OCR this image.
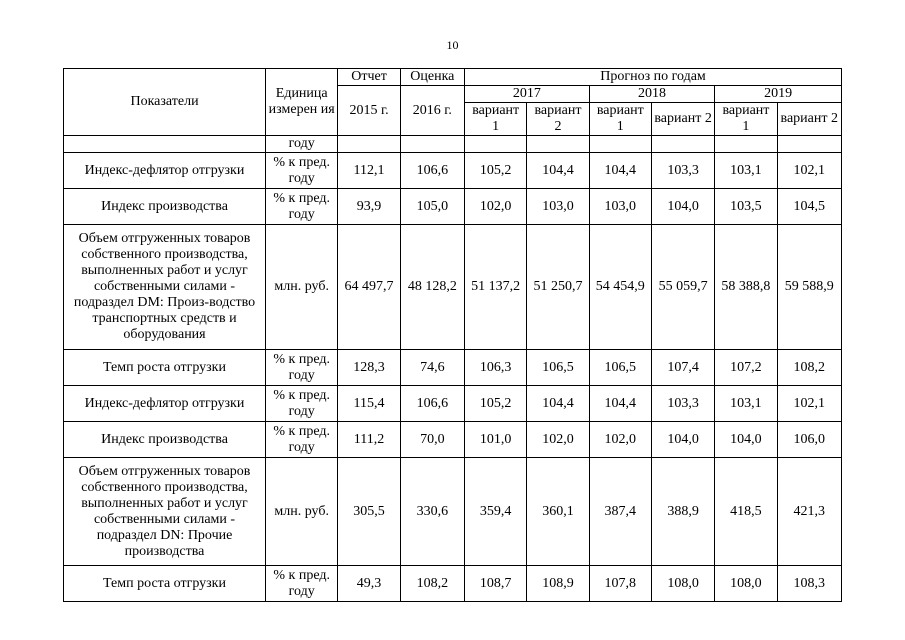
10
Показатели	Единица измерен ия	Отчет	Оценка	Прогноз по годам					
		2015 г.	2016 г.	2017		2018		2019	
				вариант 1	вариант 2	вариант 1	вариант 2	вариант 1	вариант 2
	году								
Индекс-дефлятор отгрузки	% к пред. году	112,1	106,6	105,2	104,4	104,4	103,3	103,1	102,1
Индекс производства	% к пред. году	93,9	105,0	102,0	103,0	103,0	104,0	103,5	104,5
Объем отгруженных товаров собственного производства, выполненных работ и услуг собственными силами - подраздел DM: Произ-водство транспортных средств и оборудования	млн. руб.	64 497,7	48 128,2	51 137,2	51 250,7	54 454,9	55 059,7	58 388,8	59 588,9
Темп роста отгрузки	% к пред. году	128,3	74,6	106,3	106,5	106,5	107,4	107,2	108,2
Индекс-дефлятор отгрузки	% к пред. году	115,4	106,6	105,2	104,4	104,4	103,3	103,1	102,1
Индекс производства	% к пред. году	111,2	70,0	101,0	102,0	102,0	104,0	104,0	106,0
Объем отгруженных товаров собственного производства, выполненных работ и услуг собственными силами - подраздел DN: Прочие производства	млн. руб.	305,5	330,6	359,4	360,1	387,4	388,9	418,5	421,3
Темп роста отгрузки	% к пред. году	49,3	108,2	108,7	108,9	107,8	108,0	108,0	108,3
